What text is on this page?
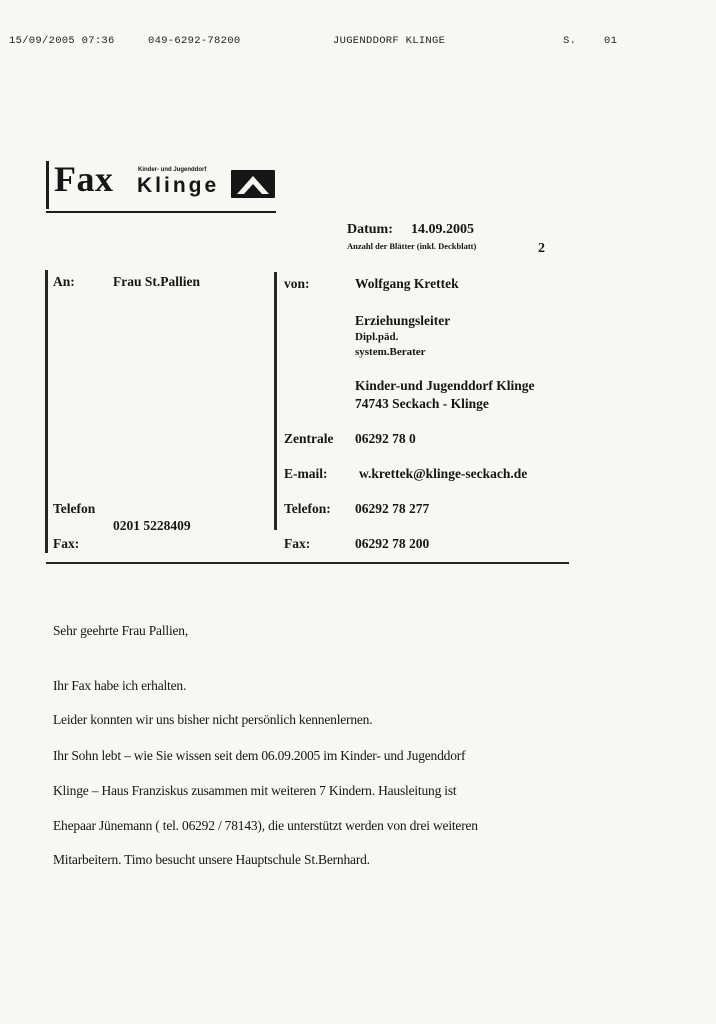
15/09/2005 07:36	049-6292-78200	JUGENDDORF KLINGE	S.	01
Fax	Kinder- und Jugenddorf
Klinge
Datum: 14.09.2005
Anzahl der Blätter (inkl. Deckblatt)	2
An:	Frau St.Pallien
Telefon
0201 5228409
Fax:
von:	Wolfgang Krettek
Erziehungsleiter
Dipl.päd.
system.Berater
Kinder-und Jugenddorf Klinge
74743 Seckach - Klinge
Zentrale 06292 78 0
E-mail: w.krettek@klinge-seckach.de
Telefon: 06292 78 277
Fax:	06292 78 200
Sehr geehrte Frau Pallien,
Ihr Fax habe ich erhalten.
Leider konnten wir uns bisher nicht persönlich kennenlernen.
Ihr Sohn lebt – wie Sie wissen seit dem 06.09.2005 im Kinder- und Jugenddorf
Klinge – Haus Franziskus zusammen mit weiteren 7 Kindern. Hausleitung ist
Ehepaar Jünemann ( tel. 06292 / 78143), die unterstützt werden von drei weiteren
Mitarbeitern. Timo besucht unsere Hauptschule St.Bernhard.
